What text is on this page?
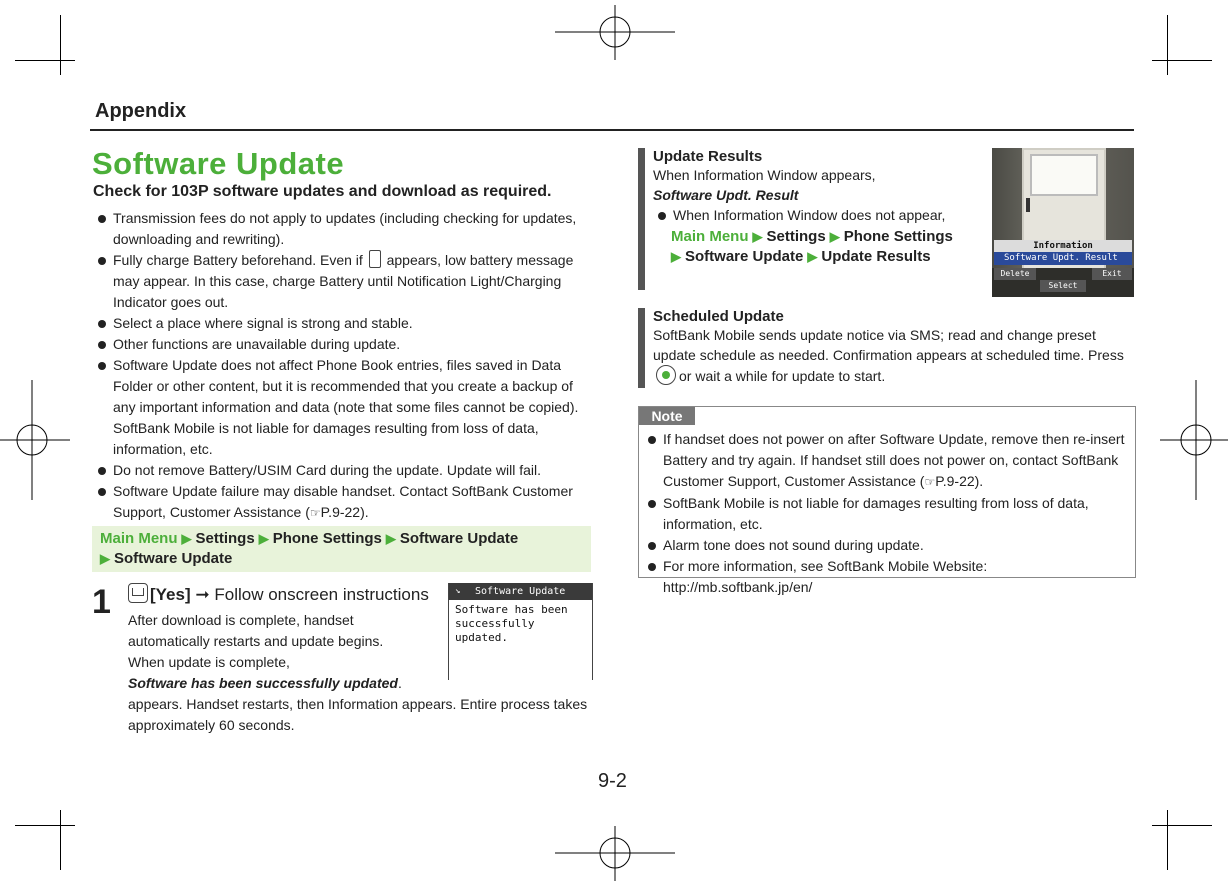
Appendix
Software Update
Check for 103P software updates and download as required.
Transmission fees do not apply to updates (including checking for updates, downloading and rewriting).
Fully charge Battery beforehand. Even if appears, low battery message may appear. In this case, charge Battery until Notification Light/Charging Indicator goes out.
Select a place where signal is strong and stable.
Other functions are unavailable during update.
Software Update does not affect Phone Book entries, files saved in Data Folder or other content, but it is recommended that you create a backup of any important information and data (note that some files cannot be copied). SoftBank Mobile is not liable for damages resulting from loss of data, information, etc.
Do not remove Battery/USIM Card during the update. Update will fail.
Software Update failure may disable handset. Contact SoftBank Customer Support, Customer Assistance (☞P.9-22).
Main Menu ▶ Settings ▶ Phone Settings ▶ Software Update
▶ Software Update
1	[Yes] ➞ Follow onscreen instructions
After download is complete, handset automatically restarts and update begins.
When update is complete,
Software has been successfully updated.
appears. Handset restarts, then Information appears. Entire process takes approximately 60 seconds.
↘ Software Update
Software has been
successfully updated.
Update Results
When Information Window appears,
Software Updt. Result
When Information Window does not appear,
Main Menu ▶ Settings ▶ Phone Settings
▶ Software Update ▶ Update Results
Information
Software Updt. Result
Delete	Exit
Select
Scheduled Update
SoftBank Mobile sends update notice via SMS; read and change preset update schedule as needed. Confirmation appears at scheduled time. Pressor wait a while for update to start.
Note
If handset does not power on after Software Update, remove then re-insert Battery and try again. If handset still does not power on, contact SoftBank Customer Support, Customer Assistance (☞P.9-22).
SoftBank Mobile is not liable for damages resulting from loss of data, information, etc.
Alarm tone does not sound during update.
For more information, see SoftBank Mobile Website: http://mb.softbank.jp/en/
9-2
